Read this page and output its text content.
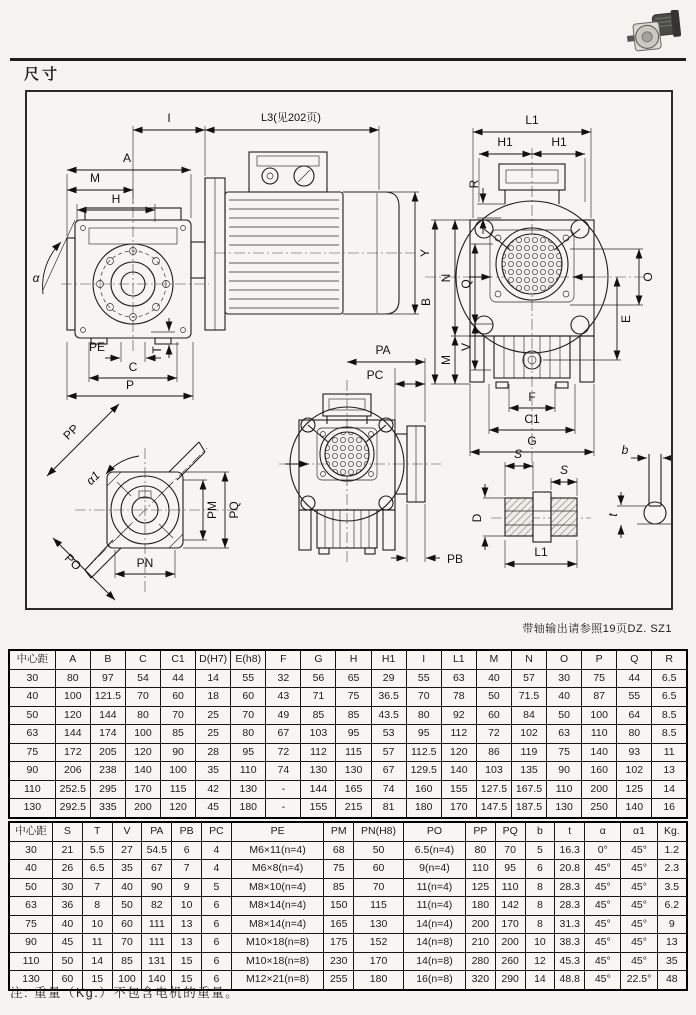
尺寸
I	L3(见202页)
A
M
H
α
Y
PE	T
C
P
L1
H1	H1
R
B
N
M
Q
V
O
E
F
C1
G
PP
α1
PO
PM PQ
PN
PA
PC
PB
S
S
D
L1
b
t
带轴输出请参照19页DZ. SZ1
中心距	A	B	C	C1	D(H7)	E(h8)	F	G	H	H1	I	L1	M	N	O	P	Q	R
30	80	97	54	44	14	55	32	56	65	29	55	63	40	57	30	75	44	6.5
40	100	121.5	70	60	18	60	43	71	75	36.5	70	78	50	71.5	40	87	55	6.5
50	120	144	80	70	25	70	49	85	85	43.5	80	92	60	84	50	100	64	8.5
63	144	174	100	85	25	80	67	103	95	53	95	112	72	102	63	110	80	8.5
75	172	205	120	90	28	95	72	112	115	57	112.5	120	86	119	75	140	93	11
90	206	238	140	100	35	110	74	130	130	67	129.5	140	103	135	90	160	102	13
110	252.5	295	170	115	42	130	-	144	165	74	160	155	127.5	167.5	110	200	125	14
130	292.5	335	200	120	45	180	-	155	215	81	180	170	147.5	187.5	130	250	140	16
中心距	S	T	V	PA	PB	PC	PE	PM	PN(H8)	PO	PP	PQ	b	t	α	α1	Kg.
30	21	5.5	27	54.5	6	4	M6×11(n=4)	68	50	6.5(n=4)	80	70	5	16.3	0°	45°	1.2
40	26	6.5	35	67	7	4	M6×8(n=4)	75	60	9(n=4)	110	95	6	20.8	45°	45°	2.3
50	30	7	40	90	9	5	M8×10(n=4)	85	70	11(n=4)	125	110	8	28.3	45°	45°	3.5
63	36	8	50	82	10	6	M8×14(n=4)	150	115	11(n=4)	180	142	8	28.3	45°	45°	6.2
75	40	10	60	111	13	6	M8×14(n=4)	165	130	14(n=4)	200	170	8	31.3	45°	45°	9
90	45	11	70	111	13	6	M10×18(n=8)	175	152	14(n=8)	210	200	10	38.3	45°	45°	13
110	50	14	85	131	15	6	M10×18(n=8)	230	170	14(n=8)	280	260	12	45.3	45°	45°	35
130	60	15	100	140	15	6	M12×21(n=8)	255	180	16(n=8)	320	290	14	48.8	45°	22.5°	48
注: 重量（Kg.）不包含电机的重量。
